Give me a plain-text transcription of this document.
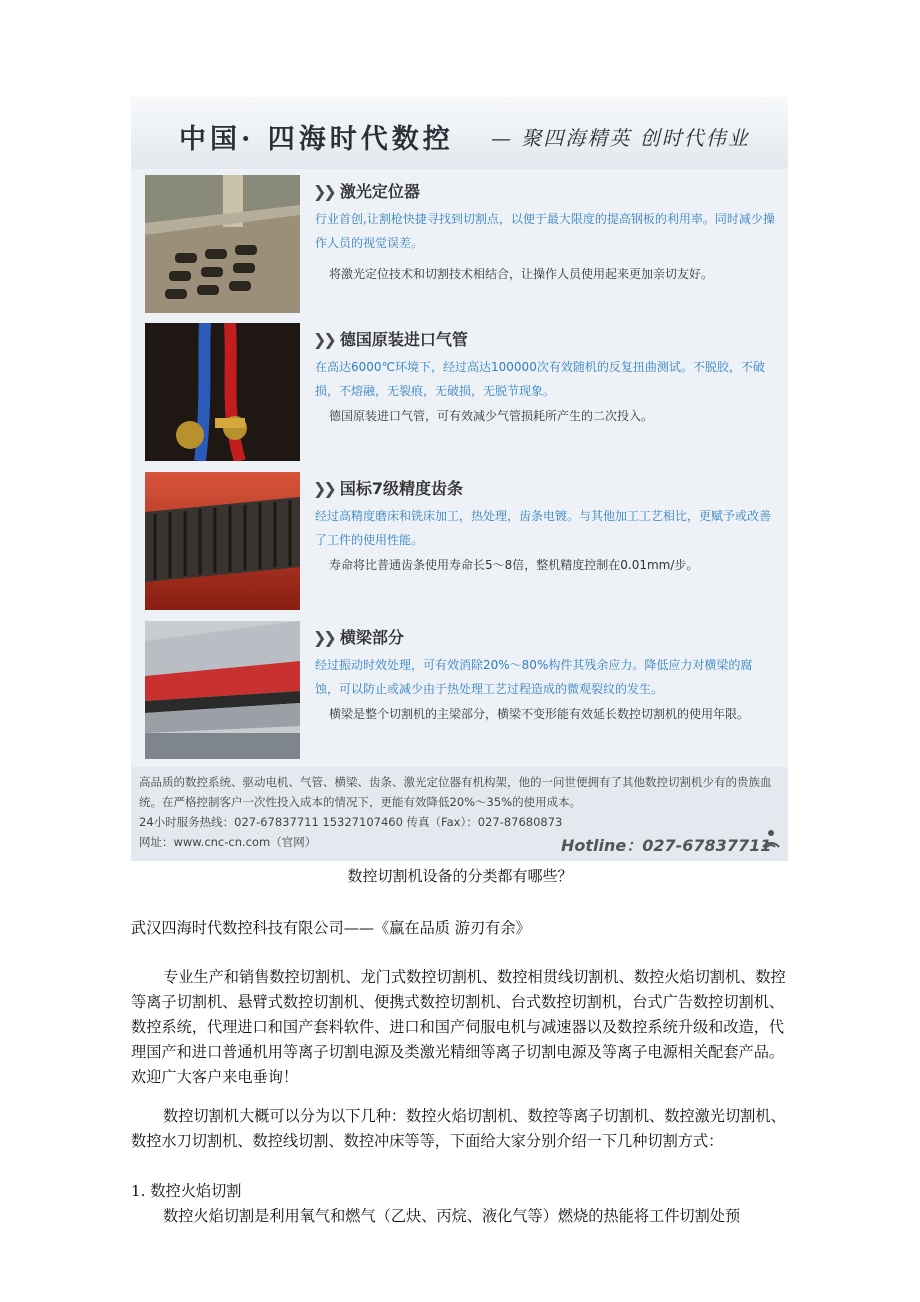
中国· 四海时代数控 — 聚四海精英 创时代伟业
❯❯ 激光定位器
行业首创,让割枪快捷寻找到切割点，以便于最大限度的提高钢板的利用率。同时减少操作人员的视觉误差。
将激光定位技术和切割技术相结合，让操作人员使用起来更加亲切友好。
❯❯ 德国原装进口气管
在高达6000℃环境下，经过高达100000次有效随机的反复扭曲测试。不脱胶，不破损，不熔融，无裂痕，无破损，无脱节现象。
德国原装进口气管，可有效减少气管损耗所产生的二次投入。
❯❯ 国标7级精度齿条
经过高精度磨床和铣床加工，热处理，齿条电镀。与其他加工工艺相比，更赋予或改善了工件的使用性能。
寿命将比普通齿条使用寿命长5～8倍，整机精度控制在0.01mm/步。
❯❯ 横梁部分
经过振动时效处理，可有效消除20%～80%构件其残余应力。降低应力对横梁的腐蚀，可以防止或减少由于热处理工艺过程造成的微观裂纹的发生。
横梁是整个切割机的主梁部分，横梁不变形能有效延长数控切割机的使用年限。
高品质的数控系统、驱动电机、气管、横梁、齿条、激光定位器有机构架，他的一问世便拥有了其他数控切割机少有的贵族血统。在严格控制客户一次性投入成本的情况下，更能有效降低20%～35%的使用成本。
24小时服务热线：027-67837711 15327107460 传真（Fax）：027-87680873
网址：www.cnc-cn.com（官网）	Hotline：027-67837711
数控切割机设备的分类都有哪些？
武汉四海时代数控科技有限公司——《赢在品质 游刃有余》
专业生产和销售数控切割机、龙门式数控切割机、数控相贯线切割机、数控火焰切割机、数控等离子切割机、悬臂式数控切割机、便携式数控切割机、台式数控切割机，台式广告数控切割机、数控系统，代理进口和国产套料软件、进口和国产伺服电机与减速器以及数控系统升级和改造，代理国产和进口普通机用等离子切割电源及类激光精细等离子切割电源及等离子电源相关配套产品。 欢迎广大客户来电垂询！
数控切割机大概可以分为以下几种：数控火焰切割机、数控等离子切割机、数控激光切割机、数控水刀切割机、数控线切割、数控冲床等等，下面给大家分别介绍一下几种切割方式：
1. 数控火焰切割
数控火焰切割是利用氧气和燃气（乙炔、丙烷、液化气等）燃烧的热能将工件切割处预
